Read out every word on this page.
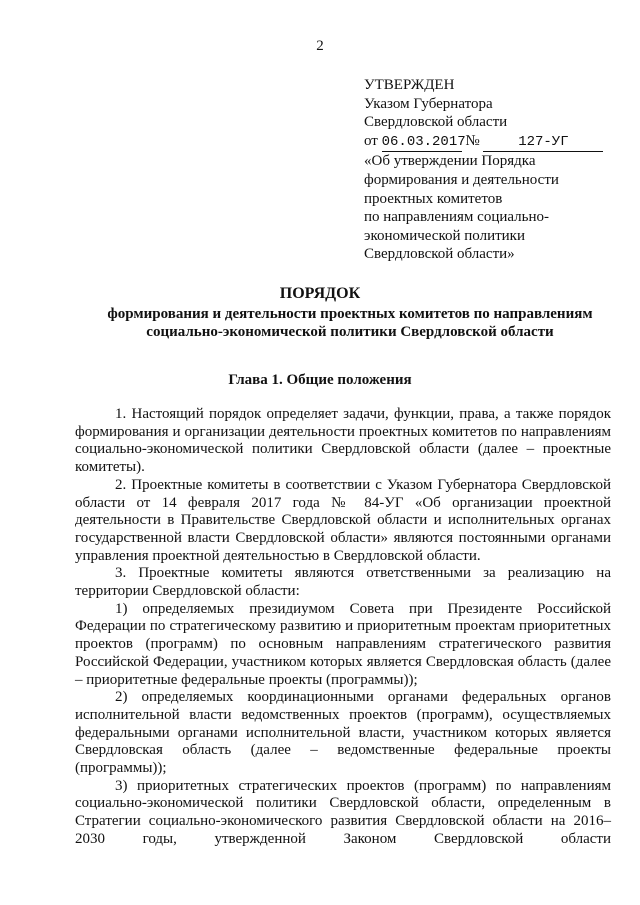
2
УТВЕРЖДЕН
Указом Губернатора
Свердловской области
от 06.03.2017 №	127-УГ
«Об утверждении Порядка
формирования и деятельности
проектных комитетов
по направлениям социально-
экономической политики
Свердловской области»
ПОРЯДОК
формирования и деятельности проектных комитетов по направлениям
социально-экономической политики Свердловской области
Глава 1. Общие положения

1. Настоящий порядок определяет задачи, функции, права, а также порядок формирования и организации деятельности проектных комитетов по направлениям социально-экономической политики Свердловской области (далее – проектные комитеты).

2. Проектные комитеты в соответствии с Указом Губернатора Свердловской области от 14 февраля 2017 года № 84-УГ «Об организации проектной деятельности в Правительстве Свердловской области и исполнительных органах государственной власти Свердловской области» являются постоянными органами управления проектной деятельностью в Свердловской области.

3. Проектные комитеты являются ответственными за реализацию на территории Свердловской области:

1) определяемых президиумом Совета при Президенте Российской Федерации по стратегическому развитию и приоритетным проектам приоритетных проектов (программ) по основным направлениям стратегического развития Российской Федерации, участником которых является Свердловская область (далее – приоритетные федеральные проекты (программы));

2) определяемых координационными органами федеральных органов исполнительной власти ведомственных проектов (программ), осуществляемых федеральными органами исполнительной власти, участником которых является Свердловская область (далее – ведомственные федеральные проекты (программы));

3) приоритетных стратегических проектов (программ) по направлениям социально-экономической политики Свердловской области, определенным в Стратегии социально-экономического развития Свердловской области на 2016–2030 годы, утвержденной Законом Свердловской области
